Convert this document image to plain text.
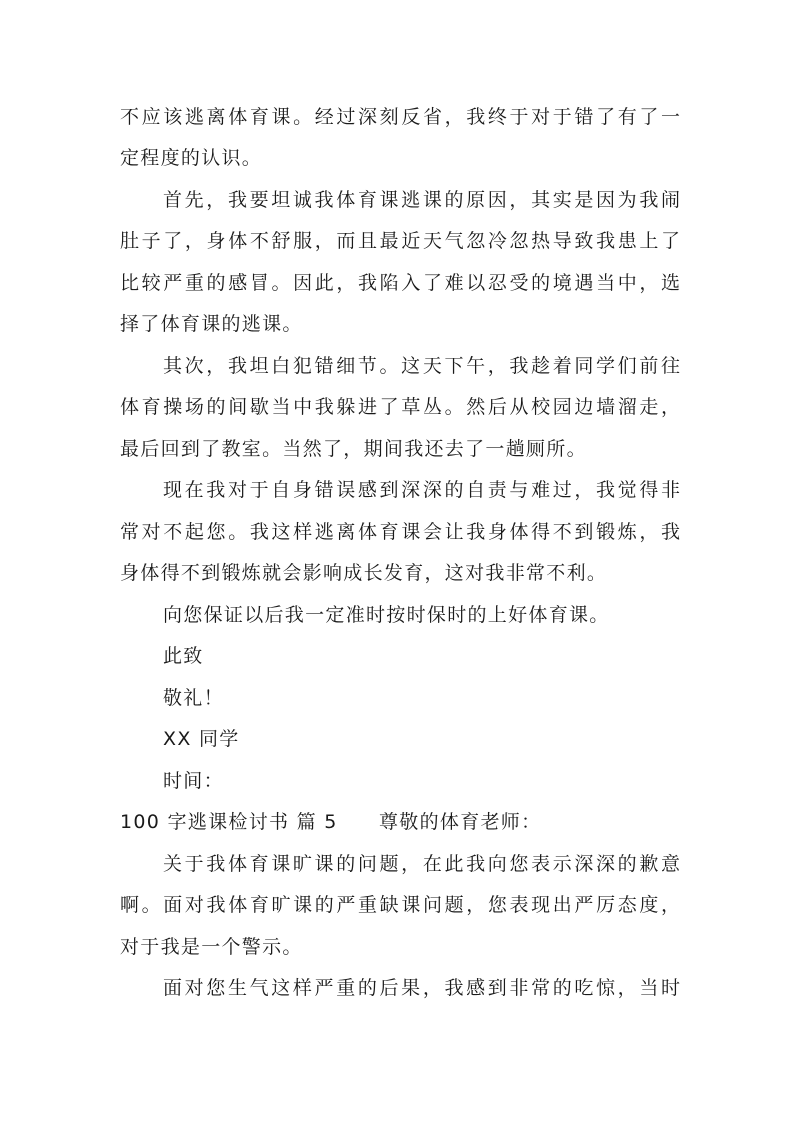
不应该逃离体育课。经过深刻反省，我终于对于错了有了一
定程度的认识。
首先，我要坦诚我体育课逃课的原因，其实是因为我闹
肚子了，身体不舒服，而且最近天气忽冷忽热导致我患上了
比较严重的感冒。因此，我陷入了难以忍受的境遇当中，选
择了体育课的逃课。
其次，我坦白犯错细节。这天下午，我趁着同学们前往
体育操场的间歇当中我躲进了草丛。然后从校园边墙溜走，
最后回到了教室。当然了，期间我还去了一趟厕所。
现在我对于自身错误感到深深的自责与难过，我觉得非
常对不起您。我这样逃离体育课会让我身体得不到锻炼，我
身体得不到锻炼就会影响成长发育，这对我非常不利。
向您保证以后我一定准时按时保时的上好体育课。
此致
敬礼！
XX 同学
时间：
100 字逃课检讨书 篇 5 尊敬的体育老师：
关于我体育课旷课的问题，在此我向您表示深深的歉意
啊。面对我体育旷课的严重缺课问题，您表现出严厉态度，
对于我是一个警示。
面对您生气这样严重的后果，我感到非常的吃惊，当时
